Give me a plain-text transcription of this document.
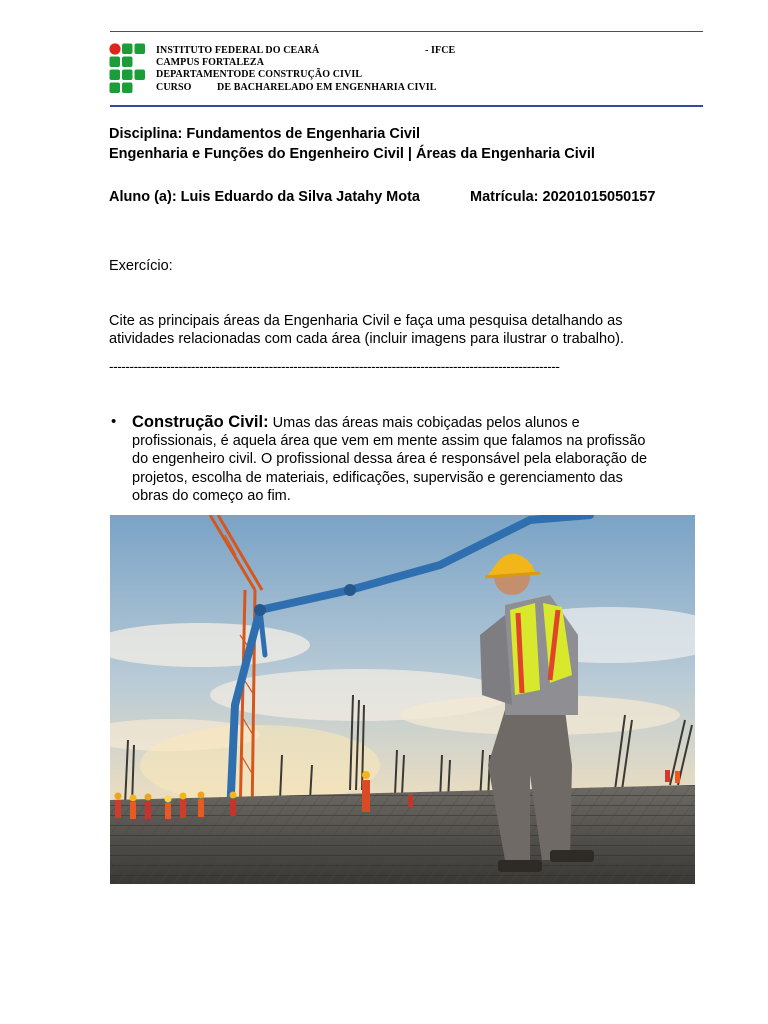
INSTITUTO FEDERAL DO CEARÁ	- IFCE
CAMPUS FORTALEZA
DEPARTAMENTODE CONSTRUÇÃO CIVIL
CURSO	DE BACHARELADO EM ENGENHARIA CIVIL
Disciplina: Fundamentos de Engenharia Civil
Engenharia e Funções do Engenheiro Civil | Áreas da Engenharia Civil
Aluno (a): Luis Eduardo da Silva Jatahy Mota	Matrícula: 20201015050157
Exercício:
Cite as principais áreas da Engenharia Civil e faça uma pesquisa detalhando as
atividades relacionadas com cada área (incluir imagens para ilustrar o trabalho).
--------------------------------------------------------------------------------------------------------------
• Construção Civil: Umas das áreas mais cobiçadas pelos alunos e
profissionais, é aquela área que vem em mente assim que falamos na profissão
do engenheiro civil. O profissional dessa área é responsável pela elaboração de
projetos, escolha de materiais, edificações, supervisão e gerenciamento das
obras do começo ao fim.
